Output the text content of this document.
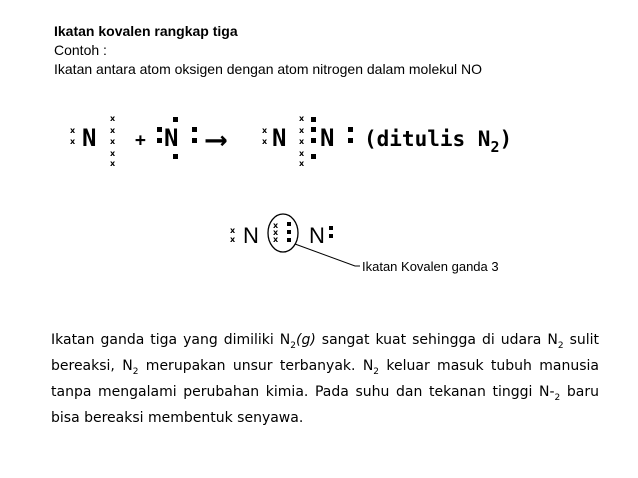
Ikatan kovalen rangkap tiga
Contoh :
Ikatan antara atom oksigen dengan atom nitrogen dalam molekul NO
x
x N
x
x
x
x
x
+ N ⟶	x
x N
x
x
x
x
x
N (ditulis $N_2$)
x
x N x
x
x N
Ikatan Kovalen ganda 3

Ikatan ganda tiga yang dimiliki $N_2(g)$ sangat kuat sehingga di udara $N_2$ sulit bereaksi, $N_2$ merupakan unsur terbanyak. $N_2$ keluar masuk tubuh manusia tanpa mengalami perubahan kimia. Pada suhu dan tekanan tinggi $N-_2$ baru bisa bereaksi membentuk senyawa.
